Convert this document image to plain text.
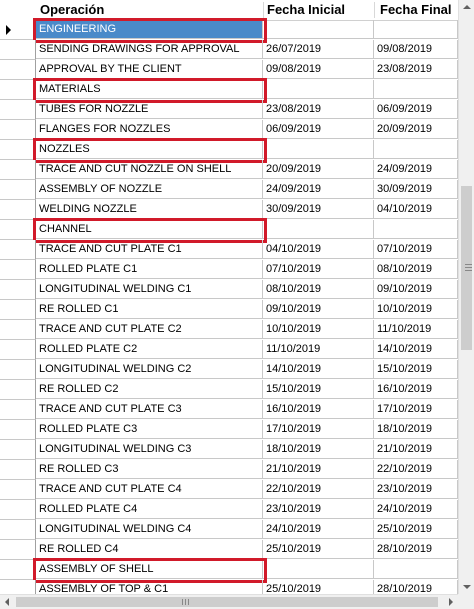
Operación	Fecha Inicial	Fecha Final
ENGINEERING
SENDING DRAWINGS FOR APPROVAL	26/07/2019	09/08/2019
APPROVAL BY THE CLIENT	09/08/2019	23/08/2019
MATERIALS
TUBES FOR NOZZLE	23/08/2019	06/09/2019
FLANGES FOR NOZZLES	06/09/2019	20/09/2019
NOZZLES
TRACE AND CUT NOZZLE ON SHELL	20/09/2019	24/09/2019
ASSEMBLY OF NOZZLE	24/09/2019	30/09/2019
WELDING NOZZLE	30/09/2019	04/10/2019
CHANNEL
TRACE AND CUT PLATE C1	04/10/2019	07/10/2019
ROLLED PLATE C1	07/10/2019	08/10/2019
LONGITUDINAL WELDING C1	08/10/2019	09/10/2019
RE ROLLED C1	09/10/2019	10/10/2019
TRACE AND CUT PLATE C2	10/10/2019	11/10/2019
ROLLED PLATE C2	11/10/2019	14/10/2019
LONGITUDINAL WELDING C2	14/10/2019	15/10/2019
RE ROLLED C2	15/10/2019	16/10/2019
TRACE AND CUT PLATE C3	16/10/2019	17/10/2019
ROLLED PLATE C3	17/10/2019	18/10/2019
LONGITUDINAL WELDING C3	18/10/2019	21/10/2019
RE ROLLED C3	21/10/2019	22/10/2019
TRACE AND CUT PLATE C4	22/10/2019	23/10/2019
ROLLED PLATE C4	23/10/2019	24/10/2019
LONGITUDINAL WELDING C4	24/10/2019	25/10/2019
RE ROLLED C4	25/10/2019	28/10/2019
ASSEMBLY OF SHELL
ASSEMBLY OF TOP & C1	25/10/2019	28/10/2019
